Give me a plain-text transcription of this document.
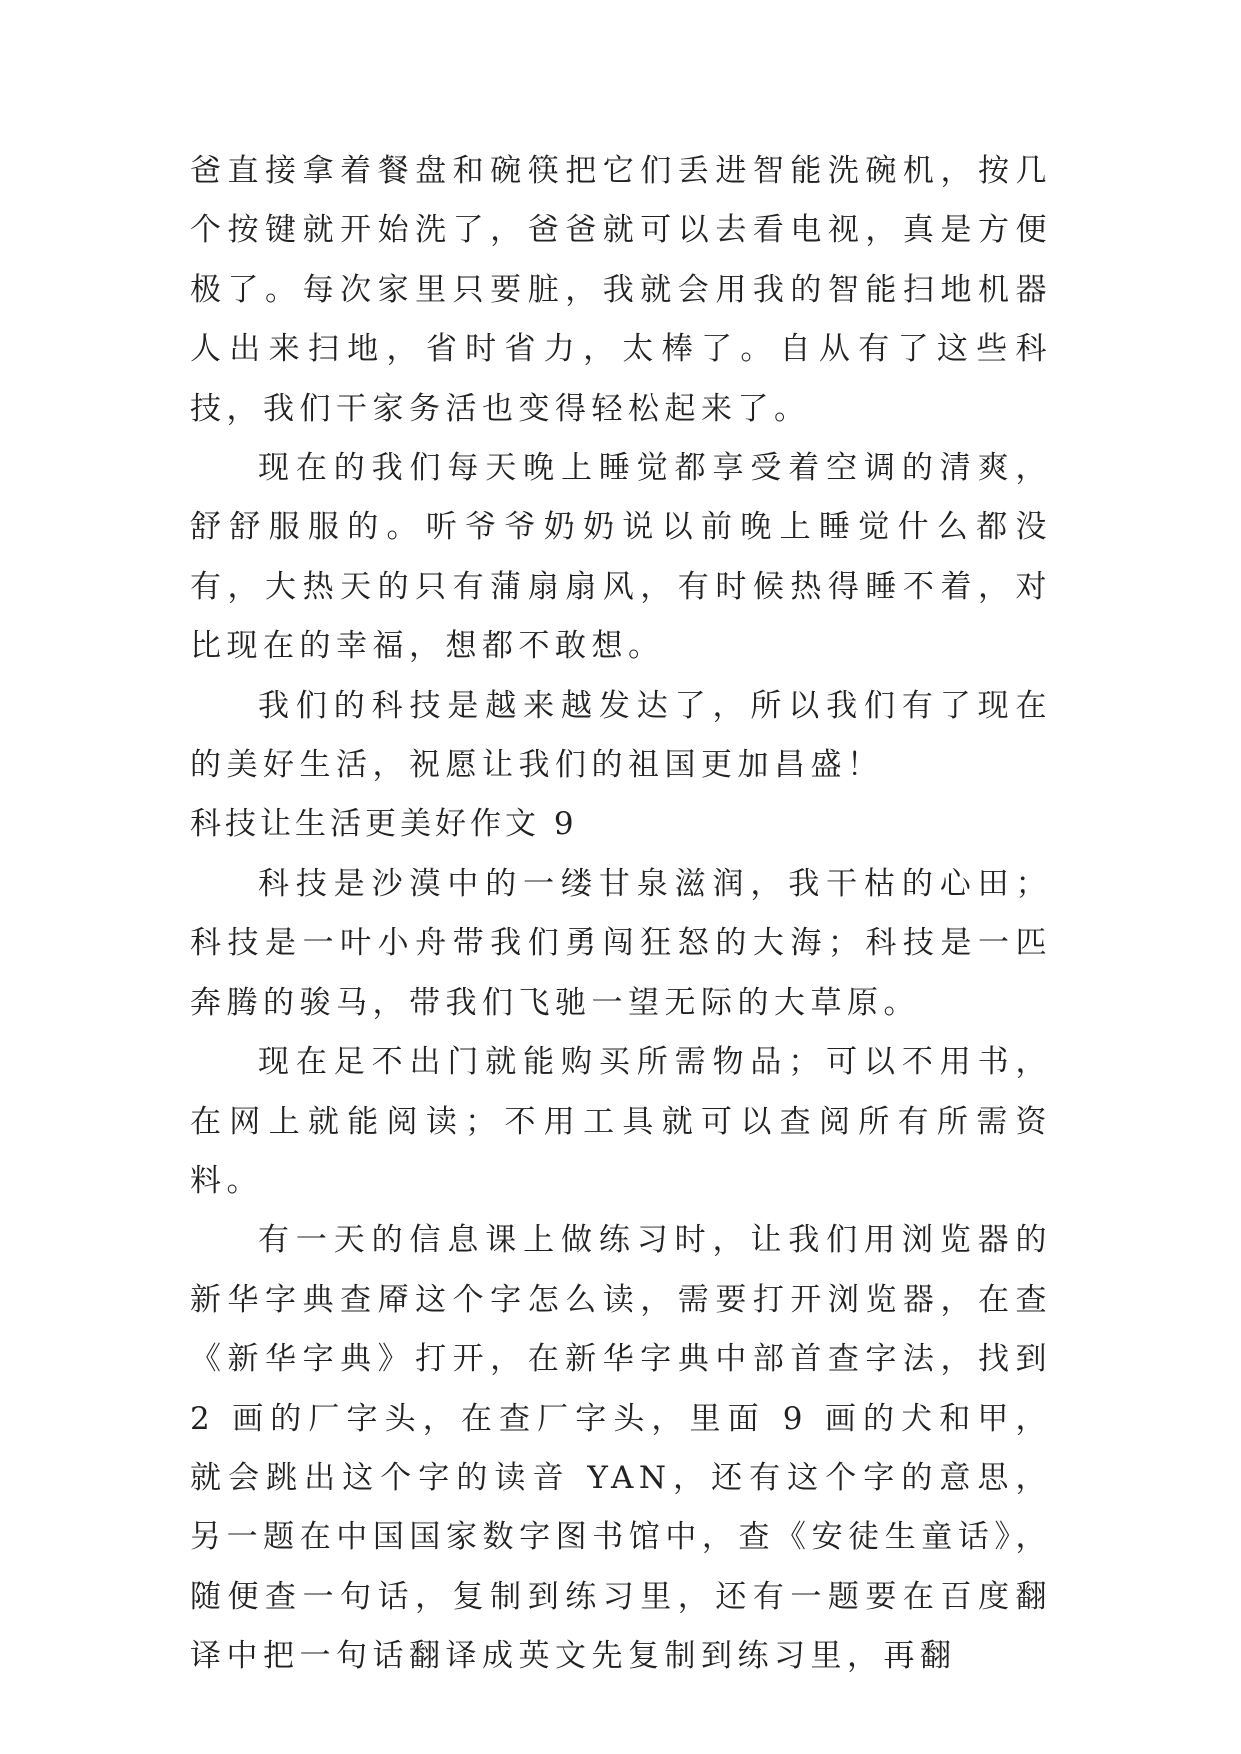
爸直接拿着餐盘和碗筷把它们丢进智能洗碗机，按几个按键就开始洗了，爸爸就可以去看电视，真是方便极了。每次家里只要脏，我就会用我的智能扫地机器人出来扫地，省时省力，太棒了。自从有了这些科技，我们干家务活也变得轻松起来了。

现在的我们每天晚上睡觉都享受着空调的清爽，舒舒服服的。听爷爷奶奶说以前晚上睡觉什么都没有，大热天的只有蒲扇扇风，有时候热得睡不着，对比现在的幸福，想都不敢想。

我们的科技是越来越发达了，所以我们有了现在的美好生活，祝愿让我们的祖国更加昌盛！

科技让生活更美好作文 9

科技是沙漠中的一缕甘泉滋润，我干枯的心田；科技是一叶小舟带我们勇闯狂怒的大海；科技是一匹奔腾的骏马，带我们飞驰一望无际的大草原。

现在足不出门就能购买所需物品；可以不用书，在网上就能阅读；不用工具就可以查阅所有所需资料。

有一天的信息课上做练习时，让我们用浏览器的新华字典查厣这个字怎么读，需要打开浏览器，在查《新华字典》打开，在新华字典中部首查字法，找到 2 画的厂字头，在查厂字头，里面 9 画的犬和甲，就会跳出这个字的读音 YAN，还有这个字的意思，另一题在中国国家数字图书馆中，查《安徒生童话》，随便查一句话，复制到练习里，还有一题要在百度翻译中把一句话翻译成英文先复制到练习里，再翻
